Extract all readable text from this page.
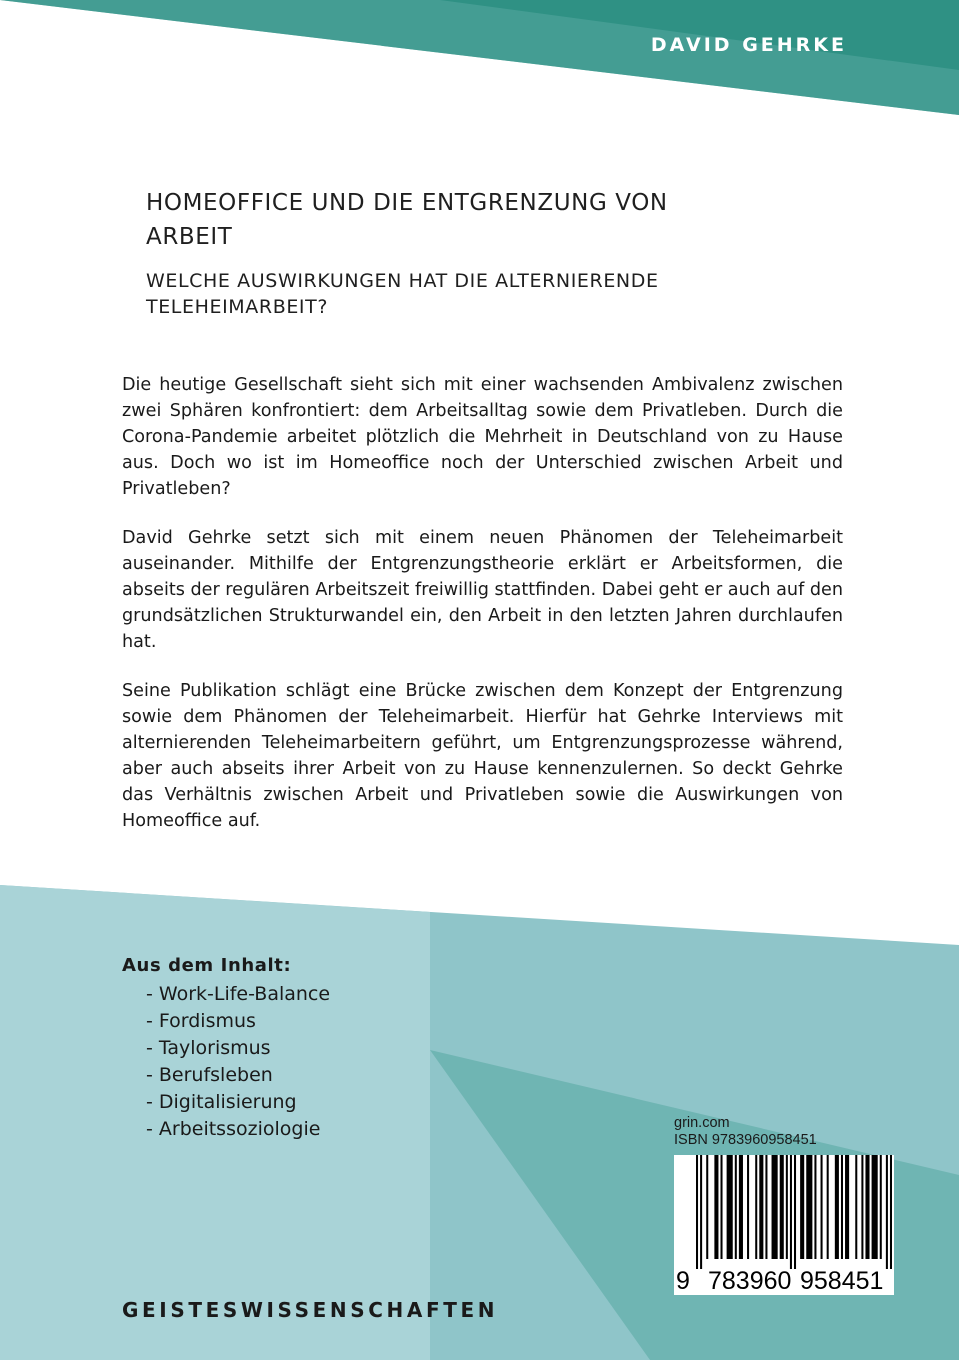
DAVID GEHRKE
HOMEOFFICE UND DIE ENTGRENZUNG VON ARBEIT
WELCHE AUSWIRKUNGEN HAT DIE ALTERNIERENDE TELEHEIMARBEIT?

Die heutige Gesellschaft sieht sich mit einer wachsenden Ambivalenz zwischen zwei Sphären konfrontiert: dem Arbeitsalltag sowie dem Privatleben. Durch die Corona-Pandemie arbeitet plötzlich die Mehrheit in Deutschland von zu Hause aus. Doch wo ist im Homeoffice noch der Unterschied zwischen Arbeit und Privatleben?

David Gehrke setzt sich mit einem neuen Phänomen der Teleheimarbeit auseinander. Mithilfe der Entgrenzungstheorie erklärt er Arbeitsformen, die abseits der regulären Arbeitszeit freiwillig stattfinden. Dabei geht er auch auf den grundsätzlichen Strukturwandel ein, den Arbeit in den letzten Jahren durchlaufen hat.

Seine Publikation schlägt eine Brücke zwischen dem Konzept der Entgrenzung sowie dem Phänomen der Teleheimarbeit. Hierfür hat Gehrke Interviews mit alternierenden Teleheimarbeitern geführt, um Entgrenzungsprozesse während, aber auch abseits ihrer Arbeit von zu Hause kennenzulernen. So deckt Gehrke das Verhältnis zwischen Arbeit und Privatleben sowie die Auswirkungen von Homeoffice auf.

Aus dem Inhalt:

- Work-Life-Balance
- Fordismus
- Taylorismus
- Berufsleben
- Digitalisierung
- Arbeitssoziologie	grin.com

ISBN 9783960958451

9 783960 958451

GEISTESWISSENSCHAFTEN
